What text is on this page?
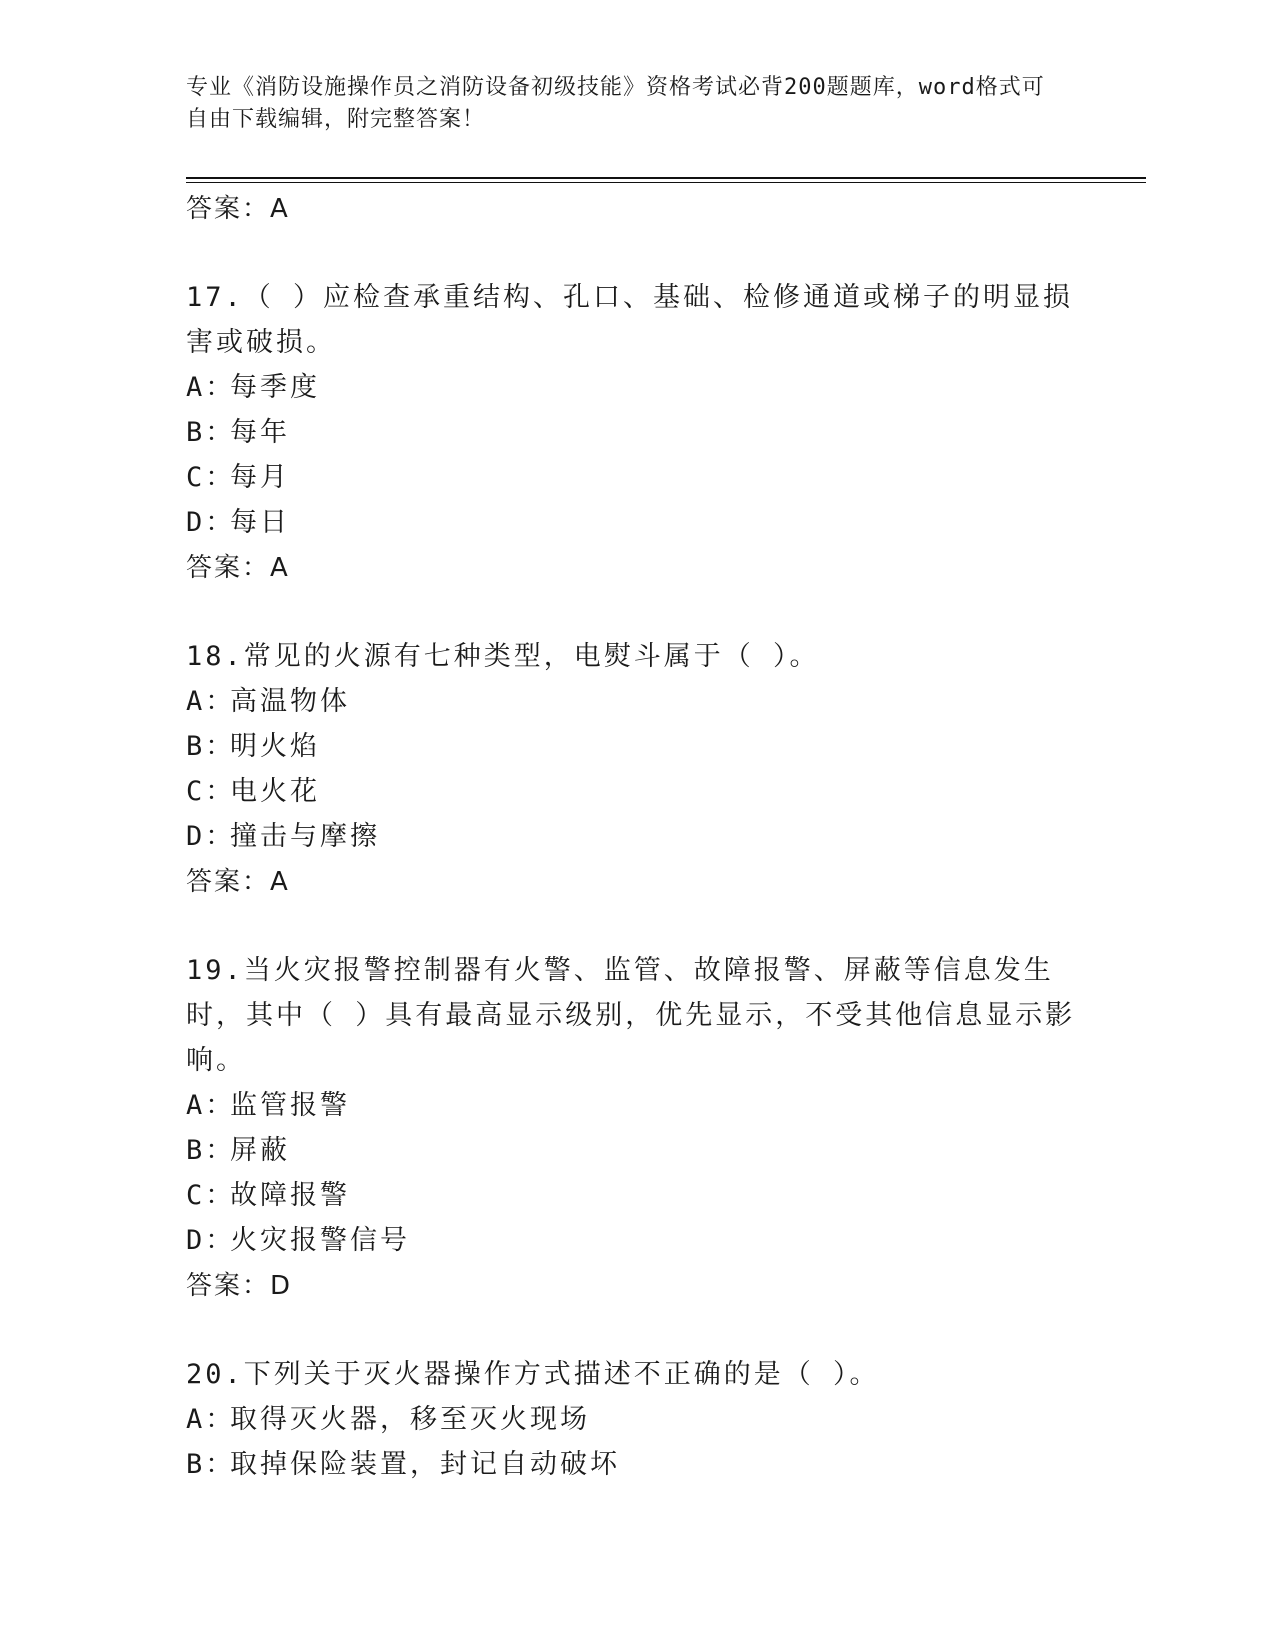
专业《消防设施操作员之消防设备初级技能》资格考试必背200题题库，word格式可自由下载编辑，附完整答案！
答案：A
17.（ ）应检查承重结构、孔口、基础、检修通道或梯子的明显损害或破损。
A：每季度
B：每年
C：每月
D：每日
答案：A
18.常见的火源有七种类型，电熨斗属于（ ）。
A：高温物体
B：明火焰
C：电火花
D：撞击与摩擦
答案：A
19.当火灾报警控制器有火警、监管、故障报警、屏蔽等信息发生时，其中（ ）具有最高显示级别，优先显示，不受其他信息显示影响。
A：监管报警
B：屏蔽
C：故障报警
D：火灾报警信号
答案：D
20.下列关于灭火器操作方式描述不正确的是（ ）。
A：取得灭火器，移至灭火现场
B：取掉保险装置，封记自动破坏
